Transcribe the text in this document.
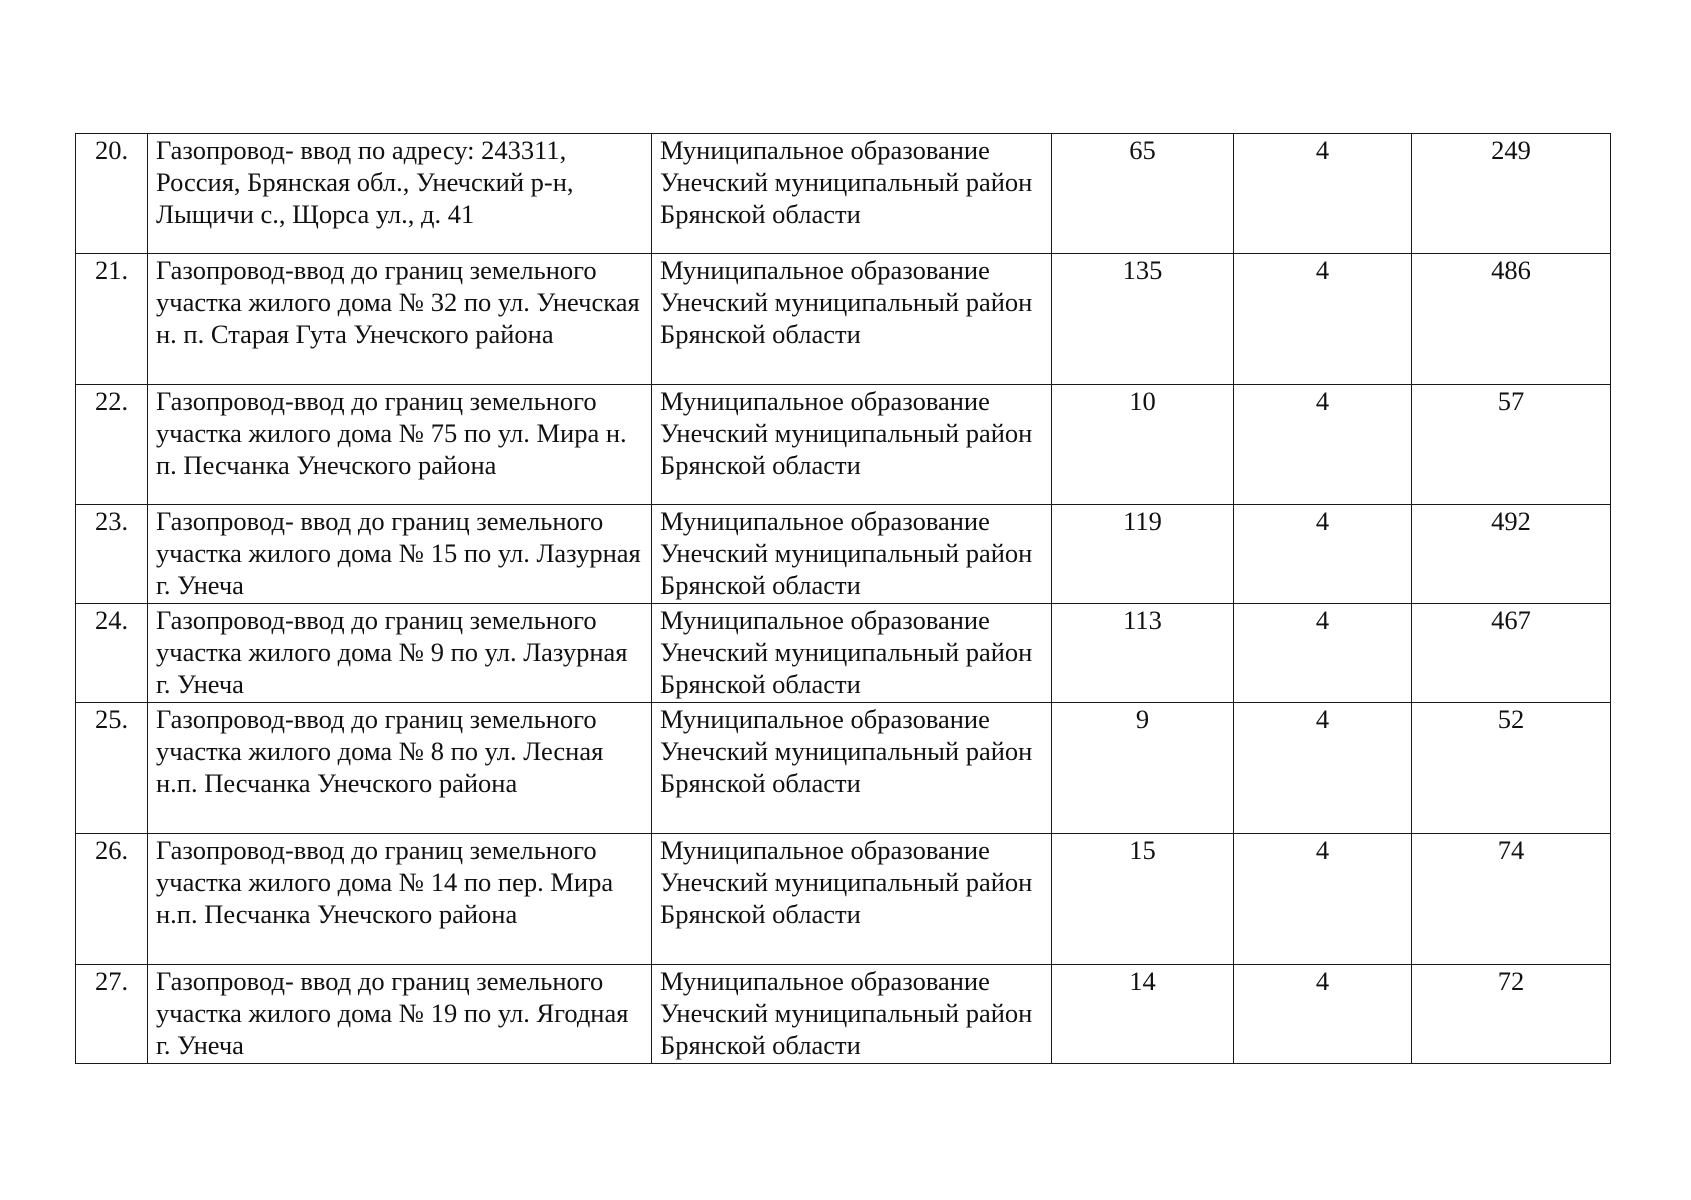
20.	Газопровод- ввод по адресу: 243311, Россия, Брянская обл., Унечский р-н, Лыщичи с., Щорса ул., д. 41	Муниципальное образование Унечский муниципальный район Брянской области	65	4	249
21.	Газопровод-ввод до границ земельного участка жилого дома № 32 по ул. Унечская н. п. Старая Гута Унечского района	Муниципальное образование Унечский муниципальный район Брянской области	135	4	486
22.	Газопровод-ввод до границ земельного участка жилого дома № 75 по ул. Мира н. п. Песчанка Унечского района	Муниципальное образование Унечский муниципальный район Брянской области	10	4	57
23.	Газопровод- ввод до границ земельного участка жилого дома № 15 по ул. Лазурная г. Унеча	Муниципальное образование Унечский муниципальный район Брянской области	119	4	492
24.	Газопровод-ввод до границ земельного участка жилого дома № 9 по ул. Лазурная г. Унеча	Муниципальное образование Унечский муниципальный район Брянской области	113	4	467
25.	Газопровод-ввод до границ земельного участка жилого дома № 8 по ул. Лесная н.п. Песчанка Унечского района	Муниципальное образование Унечский муниципальный район Брянской области	9	4	52
26.	Газопровод-ввод до границ земельного участка жилого дома № 14 по пер. Мира н.п. Песчанка Унечского района	Муниципальное образование Унечский муниципальный район Брянской области	15	4	74
27.	Газопровод- ввод до границ земельного участка жилого дома № 19 по ул. Ягодная г. Унеча	Муниципальное образование Унечский муниципальный район Брянской области	14	4	72
